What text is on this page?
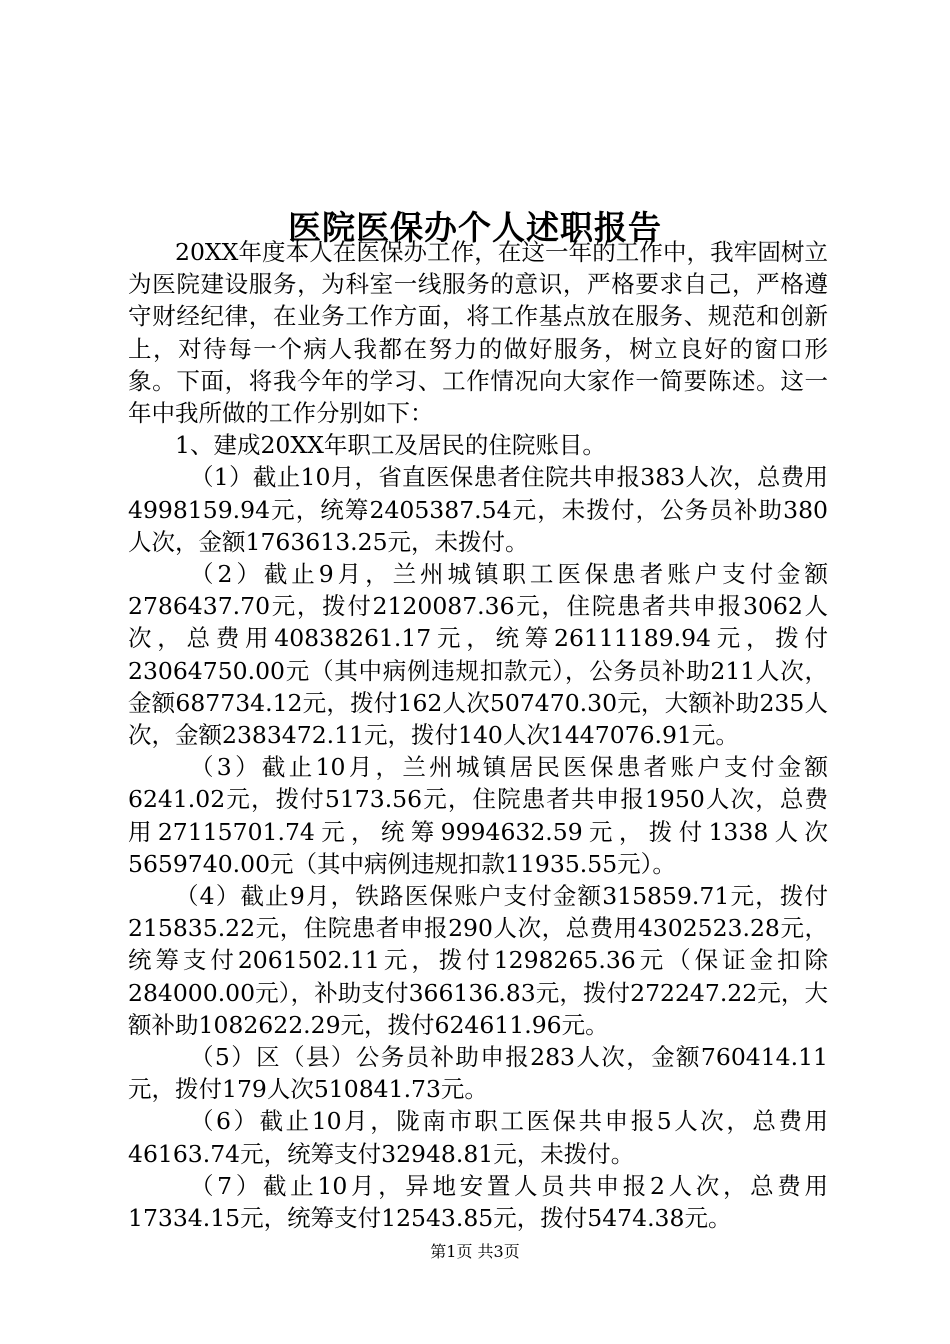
医院医保办个人述职报告

20XX年度本人在医保办工作，在这一年的工作中，我牢固树立为医院建设服务，为科室一线服务的意识，严格要求自己，严格遵守财经纪律，在业务工作方面，将工作基点放在服务、规范和创新上，对待每一个病人我都在努力的做好服务，树立良好的窗口形象。下面，将我今年的学习、工作情况向大家作一简要陈述。这一年中我所做的工作分别如下：

1、建成20XX年职工及居民的住院账目。

（1）截止10月，省直医保患者住院共申报383人次，总费用4998159.94元，统筹2405387.54元，未拨付，公务员补助380人次，金额1763613.25元，未拨付。

（2）截止9月，兰州城镇职工医保患者账户支付金额2786437.70元，拨付2120087.36元，住院患者共申报3062人次，总费用40838261.17元，统筹26111189.94元，拨付23064750.00元（其中病例违规扣款元），公务员补助211人次，金额687734.12元，拨付162人次507470.30元，大额补助235人次，金额2383472.11元，拨付140人次1447076.91元。

（3）截止10月，兰州城镇居民医保患者账户支付金额6241.02元，拨付5173.56元，住院患者共申报1950人次，总费用27115701.74元，统筹9994632.59元，拨付1338人次5659740.00元（其中病例违规扣款11935.55元）。

（4）截止9月，铁路医保账户支付金额315859.71元，拨付215835.22元，住院患者申报290人次，总费用4302523.28元，统筹支付2061502.11元，拨付1298265.36元（保证金扣除284000.00元），补助支付366136.83元，拨付272247.22元，大额补助1082622.29元，拨付624611.96元。

（5）区（县）公务员补助申报283人次，金额760414.11元，拨付179人次510841.73元。

（6）截止10月，陇南市职工医保共申报5人次，总费用46163.74元，统筹支付32948.81元，未拨付。

（7）截止10月，异地安置人员共申报2人次，总费用17334.15元，统筹支付12543.85元，拨付5474.38元。

第1页 共3页
